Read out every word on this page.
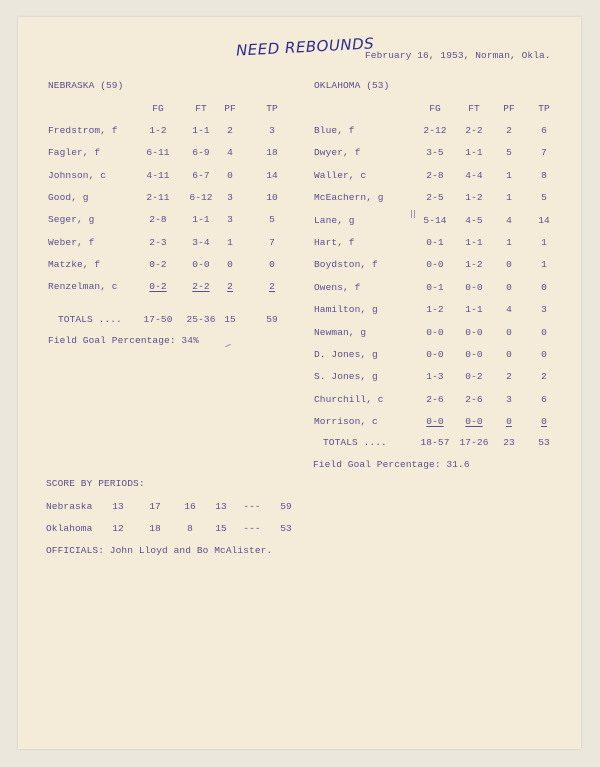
NEED REBOUNDS
February 16, 1953, Norman, Okla.
NEBRASKA (59)
FG	FT	PF	TP
Fredstrom, f	1-2	1-1	2	3
Fagler, f	6-11	6-9	4	18
Johnson, c	4-11	6-7	0	14
Good, g	2-11	6-12	3	10
Seger, g	2-8	1-1	3	5
Weber, f	2-3	3-4	1	7
Matzke, f	0-2	0-0	0	0
Renzelman, c	0-2	2-2	2	2
TOTALS ....	17-50	25-36 15	59
Field Goal Percentage: 34%
OKLAHOMA (53)
FG	FT	PF	TP
Blue, f	2-12	2-2	2	6
Dwyer, f	3-5	1-1	5	7
Waller, c	2-8	4-4	1	8
McEachern, g	2-5	1-2	1	5
Lane, g	5-14	4-5	4	14
Hart, f	0-1	1-1	1	1
Boydston, f	0-0	1-2	0	1
Owens, f	0-1	0-0	0	0
Hamilton, g	1-2	1-1	4	3
Newman, g	0-0	0-0	0	0
D. Jones, g	0-0	0-0	0	0
S. Jones, g	1-3	0-2	2	2
Churchill, c	2-6	2-6	3	6
Morrison, c	0-0	0-0	0	0
TOTALS ....	18-57	17-26	23	53
Field Goal Percentage: 31.6
SCORE BY PERIODS:
Nebraska	13	17	16	13	---	59
Oklahoma	12	18	8	15	---	53
OFFICIALS: John Lloyd and Bo McAlister.
